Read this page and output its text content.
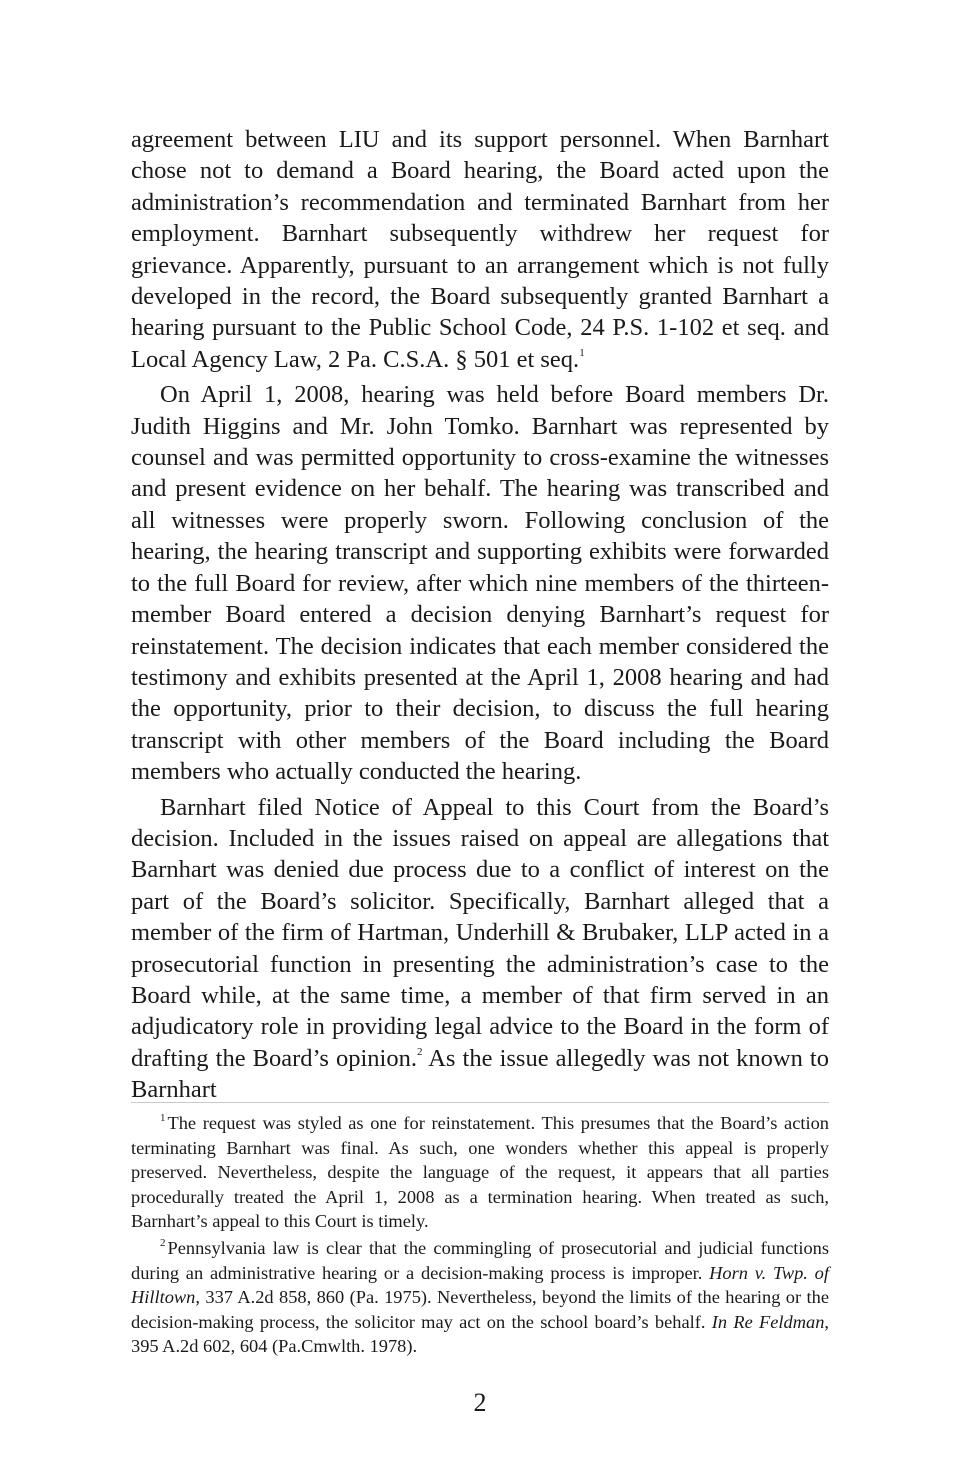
agreement between LIU and its support personnel. When Barnhart chose not to demand a Board hearing, the Board acted upon the administration’s recommendation and terminated Barnhart from her employment. Barnhart subsequently withdrew her request for grievance. Apparently, pursuant to an arrangement which is not fully developed in the record, the Board subsequently granted Barnhart a hearing pursuant to the Public School Code, 24 P.S. 1-102 et seq. and Local Agency Law, 2 Pa. C.S.A. § 501 et seq.$^1$

On April 1, 2008, hearing was held before Board members Dr. Judith Higgins and Mr. John Tomko. Barnhart was represented by counsel and was permitted opportunity to cross-examine the witnesses and present evidence on her behalf. The hearing was transcribed and all witnesses were properly sworn. Following conclusion of the hearing, the hearing transcript and supporting exhibits were forwarded to the full Board for review, after which nine members of the thirteen-member Board entered a decision denying Barnhart’s request for reinstatement. The decision indicates that each member considered the testimony and exhibits presented at the April 1, 2008 hearing and had the opportunity, prior to their decision, to discuss the full hearing transcript with other members of the Board including the Board members who actually conducted the hearing.

Barnhart filed Notice of Appeal to this Court from the Board’s decision. Included in the issues raised on appeal are allegations that Barnhart was denied due process due to a conflict of interest on the part of the Board’s solicitor. Specifically, Barnhart alleged that a member of the firm of Hartman, Underhill & Brubaker, LLP acted in a prosecutorial function in presenting the administration’s case to the Board while, at the same time, a member of that firm served in an adjudicatory role in providing legal advice to the Board in the form of drafting the Board’s opinion.$^2$ As the issue allegedly was not known to Barnhart

$^1$ The request was styled as one for reinstatement. This presumes that the Board’s action terminating Barnhart was final. As such, one wonders whether this appeal is properly preserved. Nevertheless, despite the language of the request, it appears that all parties procedurally treated the April 1, 2008 as a termination hearing. When treated as such, Barnhart’s appeal to this Court is timely.

$^2$ Pennsylvania law is clear that the commingling of prosecutorial and judicial functions during an administrative hearing or a decision-making process is improper. Horn v. Twp. of Hilltown, 337 A.2d 858, 860 (Pa. 1975). Nevertheless, beyond the limits of the hearing or the decision-making process, the solicitor may act on the school board’s behalf. In Re Feldman, 395 A.2d 602, 604 (Pa.Cmwlth. 1978).

2
